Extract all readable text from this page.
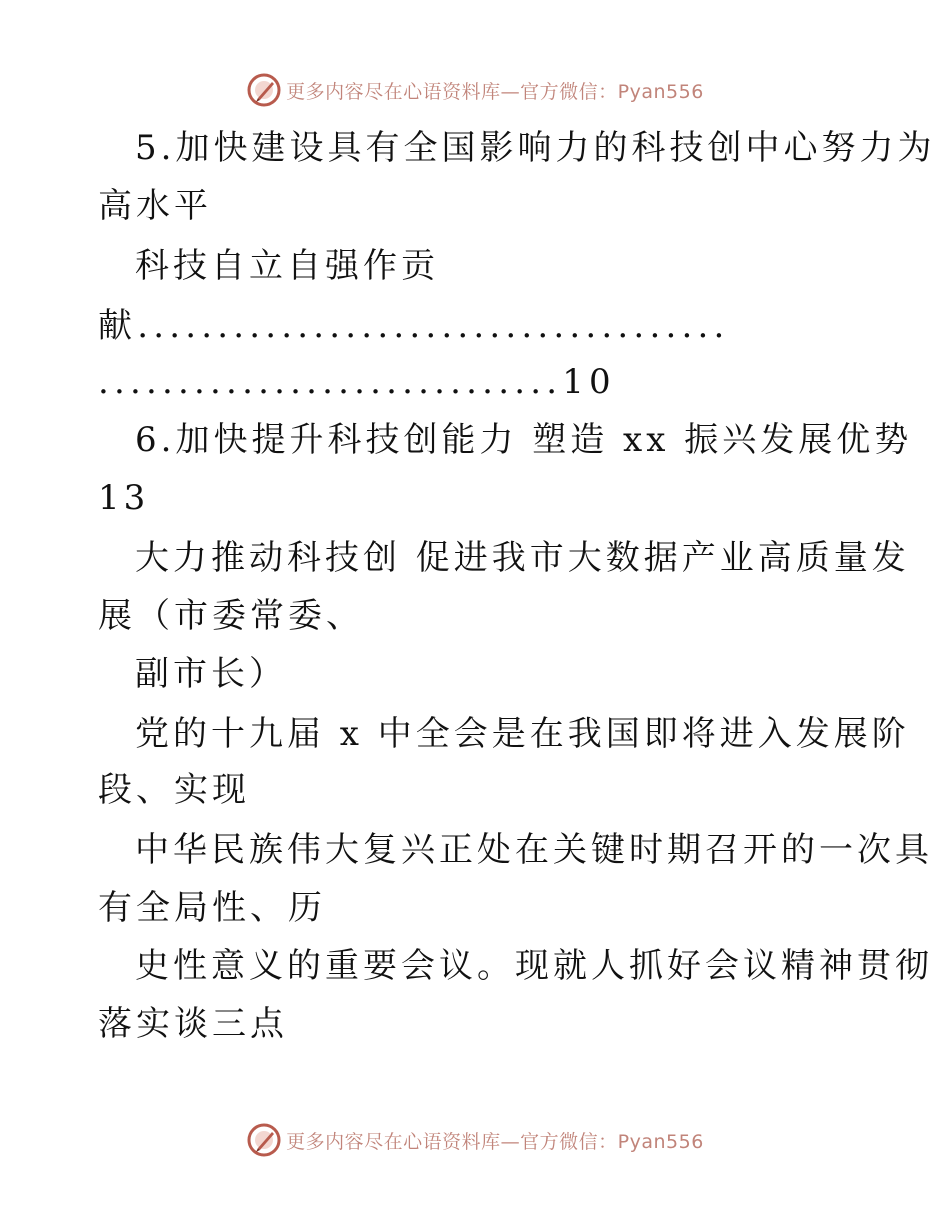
更多内容尽在心语资料库—官方微信：Pyan556
5.加快建设具有全国影响力的科技创中心努力为
高水平
科技自立自强作贡
献.....................................
.............................10
6.加快提升科技创能力 塑造 xx 振兴发展优势
13
大力推动科技创 促进我市大数据产业高质量发
展（市委常委、
副市长）
党的十九届 x 中全会是在我国即将进入发展阶
段、实现
中华民族伟大复兴正处在关键时期召开的一次具
有全局性、历
史性意义的重要会议。现就人抓好会议精神贯彻
落实谈三点
更多内容尽在心语资料库—官方微信：Pyan556
